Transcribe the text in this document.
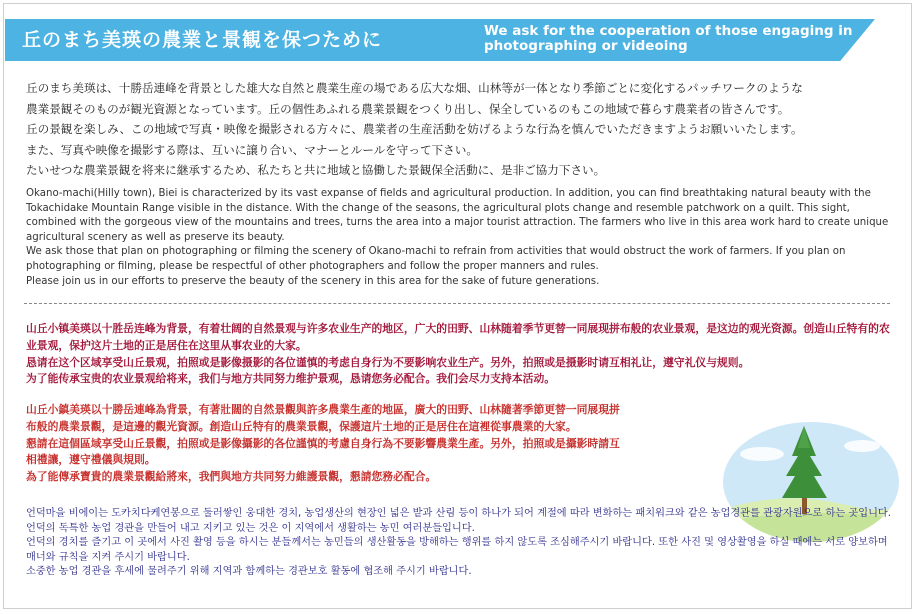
丘のまち美瑛の農業と景観を保つために	We ask for the cooperation of those engaging in photographing or videoing

丘のまち美瑛は、十勝岳連峰を背景とした雄大な自然と農業生産の場である広大な畑、山林等が一体となり季節ごとに変化するパッチワークのような

農業景観そのものが観光資源となっています。丘の個性あふれる農業景観をつくり出し、保全しているのもこの地域で暮らす農業者の皆さんです。

丘の景観を楽しみ、この地域で写真・映像を撮影される方々に、農業者の生産活動を妨げるような行為を慎んでいただきますようお願いいたします。

また、写真や映像を撮影する際は、互いに譲り合い、マナーとルールを守って下さい。

たいせつな農業景観を将来に継承するため、私たちと共に地域と協働した景観保全活動に、是非ご協力下さい。

Okano-machi(Hilly town), Biei is characterized by its vast expanse of fields and agricultural production. In addition, you can find breathtaking natural beauty with the Tokachidake Mountain Range visible in the distance. With the change of the seasons, the agricultural plots change and resemble patchwork on a quilt. This sight, combined with the gorgeous view of the mountains and trees, turns the area into a major tourist attraction. The farmers who live in this area work hard to create unique agricultural scenery as well as preserve its beauty.

We ask those that plan on photographing or filming the scenery of Okano-machi to refrain from activities that would obstruct the work of farmers. If you plan on photographing or filming, please be respectful of other photographers and follow the proper manners and rules.

Please join us in our efforts to preserve the beauty of the scenery in this area for the sake of future generations.

山丘小镇美瑛以十胜岳连峰为背景，有着壮阔的自然景观与许多农业生产的地区，广大的田野、山林随着季节更替一同展现拼布般的农业景观，是这边的观光资源。创造山丘特有的农业景观，保护这片土地的正是居住在这里从事农业的大家。

恳请在这个区域享受山丘景观，拍照或是影像摄影的各位谨慎的考虑自身行为不要影响农业生产。另外，拍照或是摄影时请互相礼让，遵守礼仪与规则。

为了能传承宝贵的农业景观给将来，我们与地方共同努力维护景观，恳请您务必配合。我们会尽力支持本活动。

山丘小鎮美瑛以十勝岳連峰為背景，有著壯闊的自然景觀與許多農業生產的地區，廣大的田野、山林隨著季節更替一同展現拼布般的農業景觀，是這邊的觀光資源。創造山丘特有的農業景觀，保護這片土地的正是居住在這裡從事農業的大家。

懇請在這個區域享受山丘景觀，拍照或是影像攝影的各位謹慎的考慮自身行為不要影響農業生產。另外，拍照或是攝影時請互相禮讓，遵守禮儀與規則。

為了能傳承寶貴的農業景觀給將來，我們與地方共同努力維護景觀，懇請您務必配合。

언덕마을 비에이는 도카치다케연봉으로 둘러쌓인 웅대한 경치, 농업생산의 현장인 넓은 밭과 산림 등이 하나가 되어 계절에 따라 변화하는 패치워크와 같은 농업경관를 관광자원으로 하는 곳입니다. 언덕의 독특한 농업 경관을 만들어 내고 지키고 있는 것은 이 지역에서 생활하는 농민 여러분들입니다.

언덕의 경치를 즐기고 이 곳에서 사진 촬영 등을 하시는 분들께서는 농민들의 생산활동을 방해하는 행위를 하지 않도록 조심해주시기 바랍니다. 또한 사진 및 영상촬영을 하실 때에는 서로 양보하며 매너와 규칙을 지켜 주시기 바랍니다.

소중한 농업 경관을 후세에 물려주기 위해 지역과 함께하는 경관보호 활동에 협조해 주시기 바랍니다.
